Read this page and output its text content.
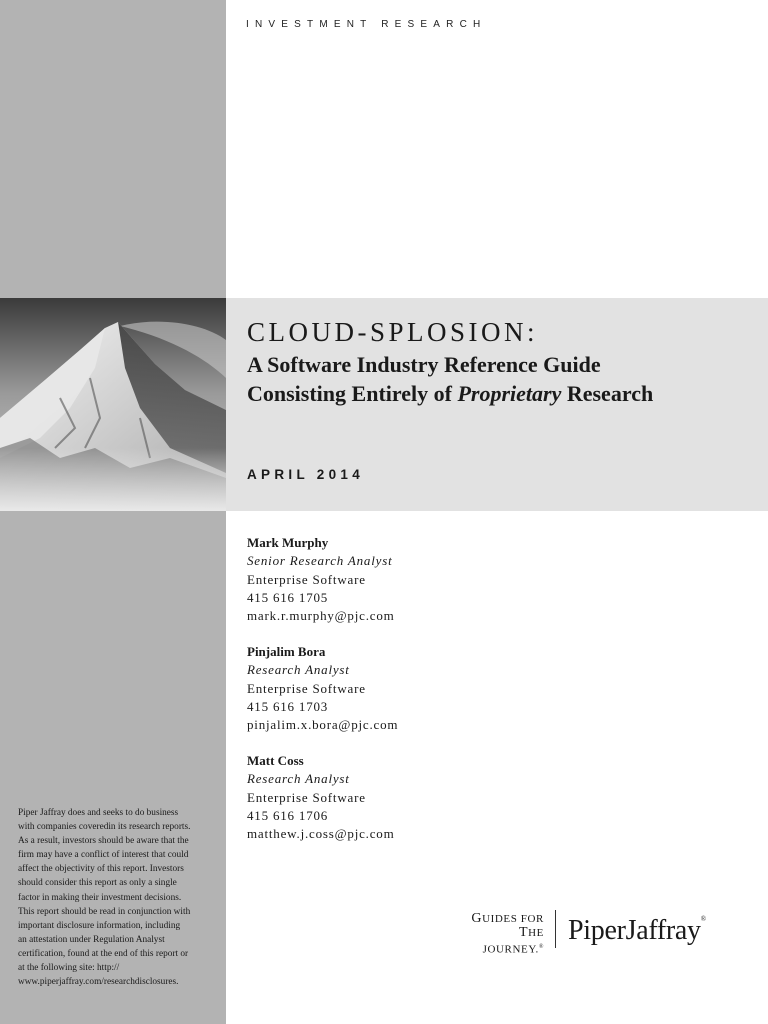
INVESTMENT RESEARCH
CLOUD-SPLOSION:
A Software Industry Reference Guide
Consisting Entirely of Proprietary Research
APRIL 2014
Mark Murphy
Senior Research Analyst
Enterprise Software
415 616 1705
mark.r.murphy@pjc.com
Pinjalim Bora
Research Analyst
Enterprise Software
415 616 1703
pinjalim.x.bora@pjc.com
Matt Coss
Research Analyst
Enterprise Software
415 616 1706
matthew.j.coss@pjc.com
Piper Jaffray does and seeks to do business
with companies coveredin its research reports.
As a result, investors should be aware that the
firm may have a conflict of interest that could
affect the objectivity of this report. Investors
should consider this report as only a single
factor in making their investment decisions.
This report should be read in conjunction with
important disclosure information, including
an attestation under Regulation Analyst
certification, found at the end of this report or
at the following site: http://
www.piperjaffray.com/researchdisclosures.
GUIDES FOR
THE JOURNEY.®
PiperJaffray®
